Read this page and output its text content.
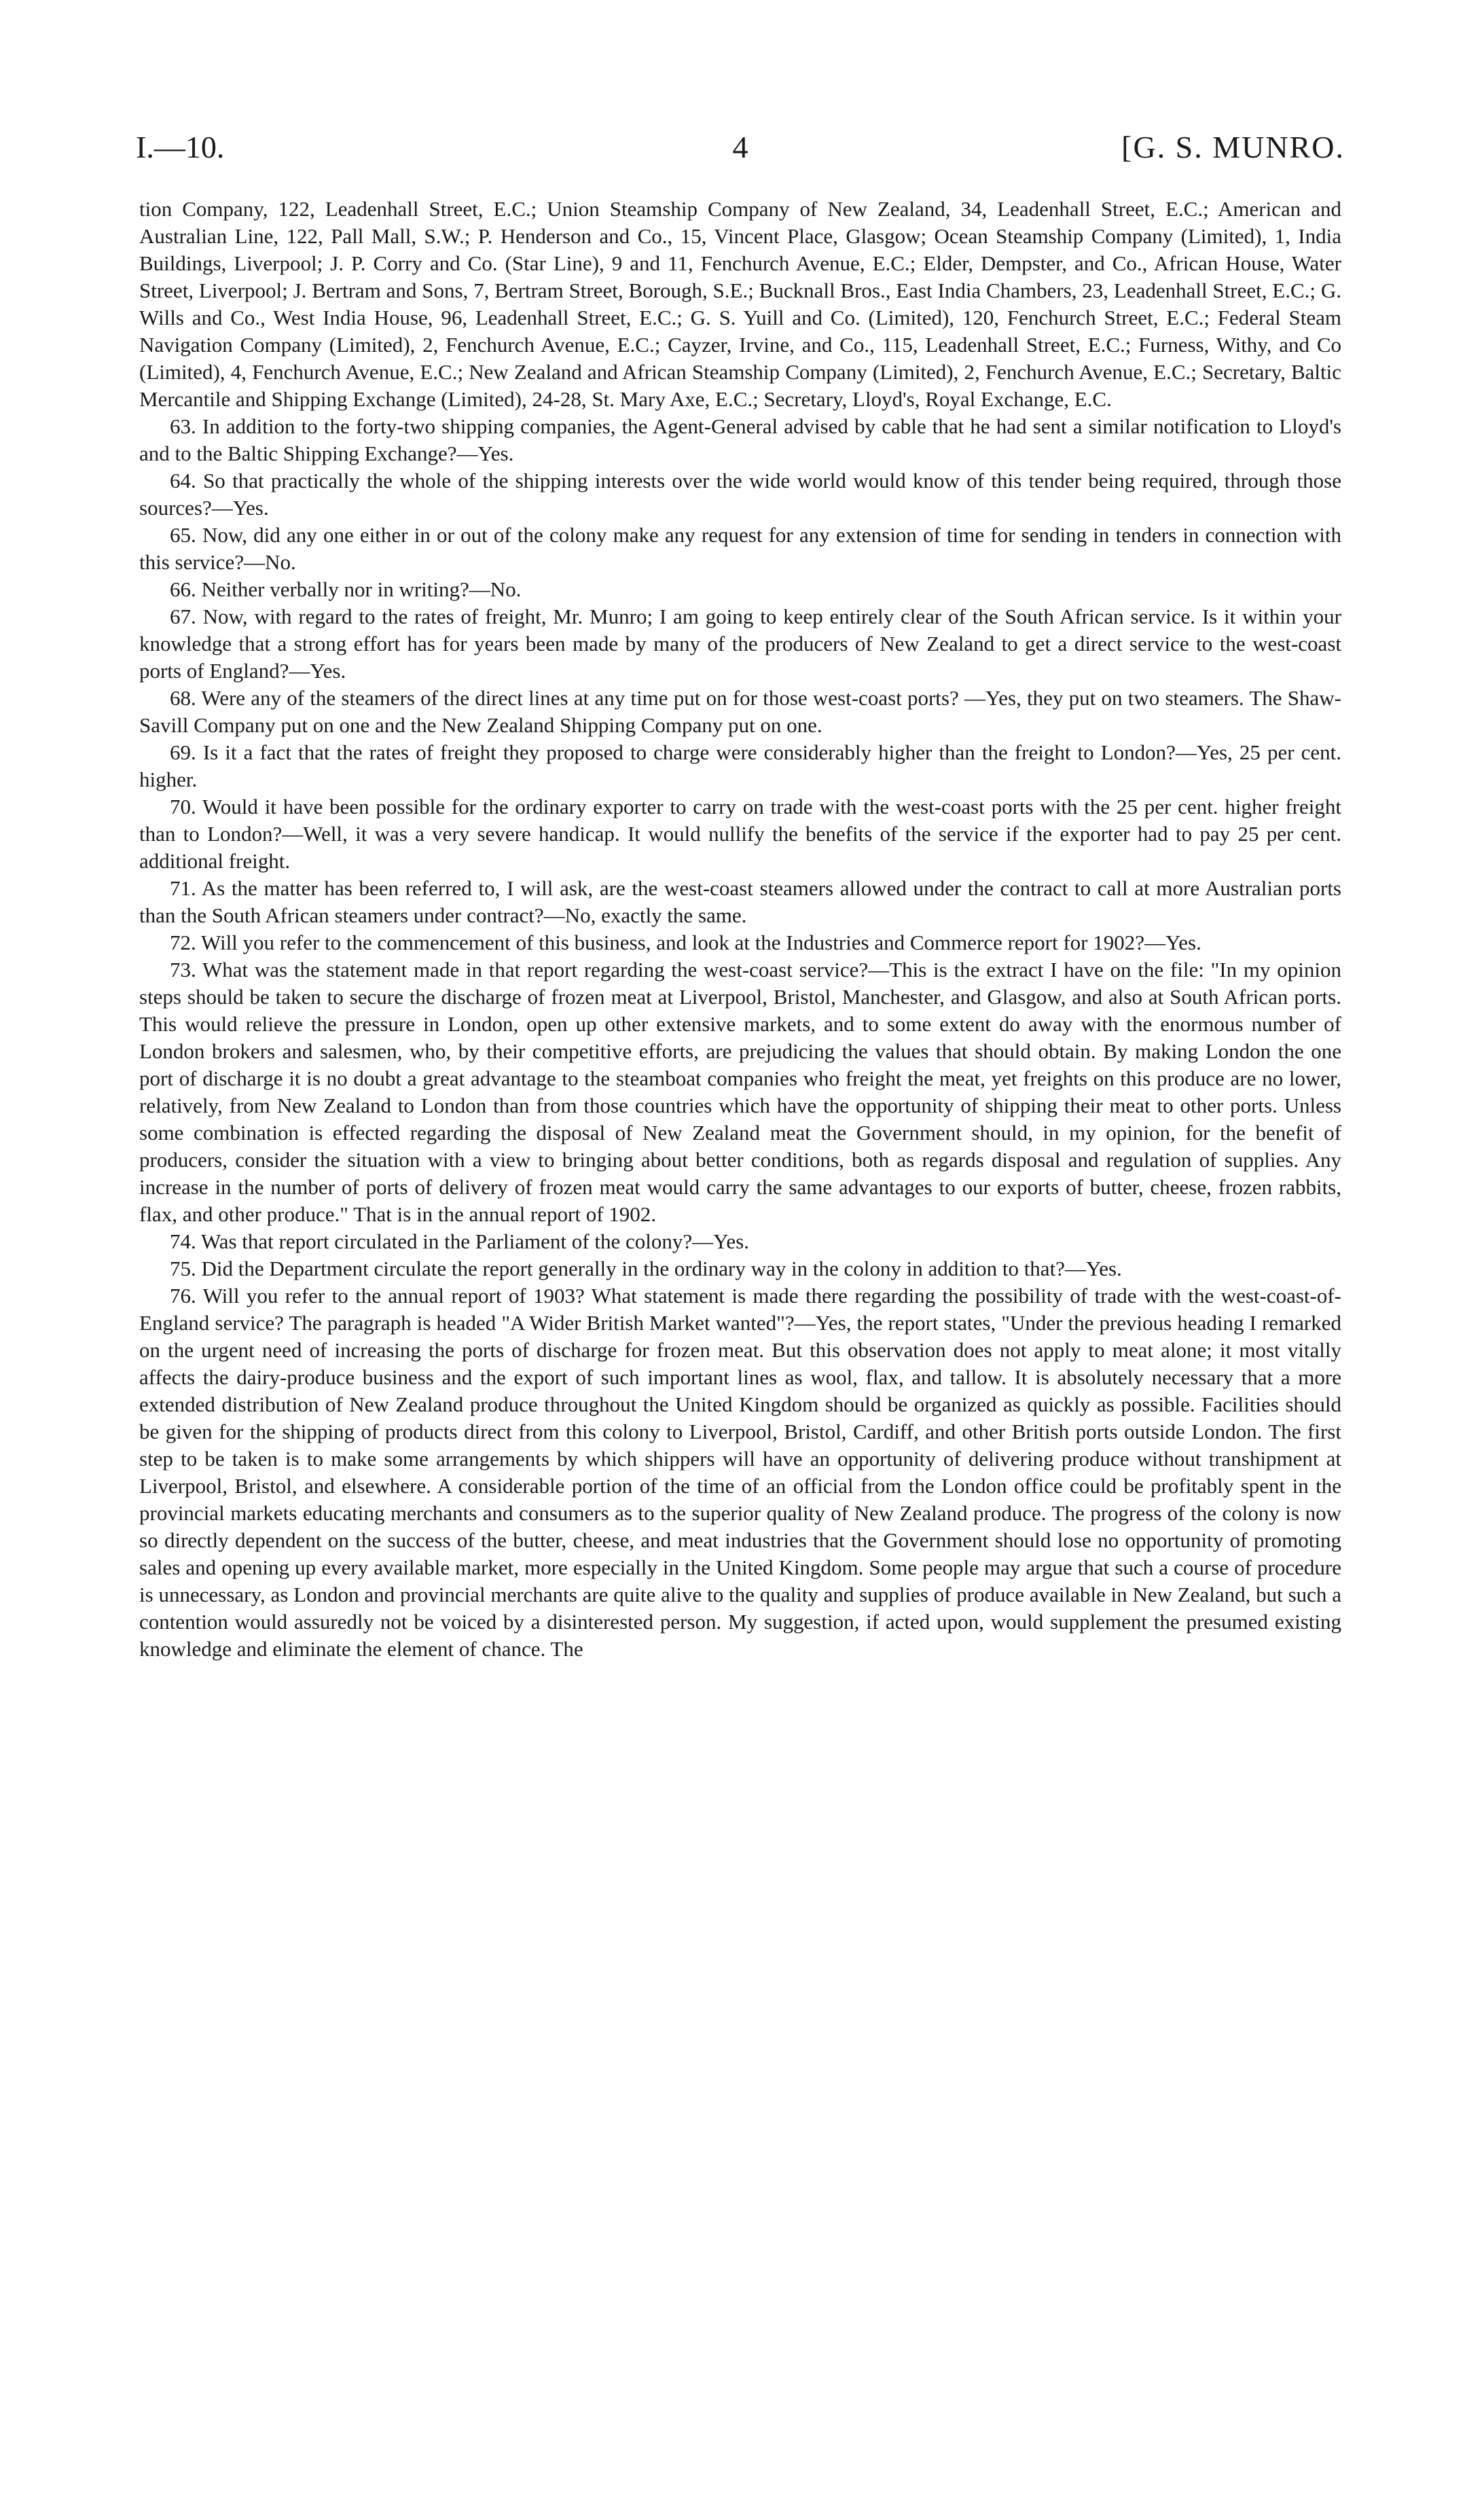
I.—10.	4	[G. S. MUNRO.

tion Company, 122, Leadenhall Street, E.C.; Union Steamship Company of New Zealand, 34, Leadenhall Street, E.C.; American and Australian Line, 122, Pall Mall, S.W.; P. Henderson and Co., 15, Vincent Place, Glasgow; Ocean Steamship Company (Limited), 1, India Buildings, Liverpool; J. P. Corry and Co. (Star Line), 9 and 11, Fenchurch Avenue, E.C.; Elder, Dempster, and Co., African House, Water Street, Liverpool; J. Bertram and Sons, 7, Bertram Street, Borough, S.E.; Bucknall Bros., East India Chambers, 23, Leadenhall Street, E.C.; G. Wills and Co., West India House, 96, Leadenhall Street, E.C.; G. S. Yuill and Co. (Limited), 120, Fenchurch Street, E.C.; Federal Steam Navigation Company (Limited), 2, Fenchurch Avenue, E.C.; Cayzer, Irvine, and Co., 115, Leadenhall Street, E.C.; Furness, Withy, and Co (Limited), 4, Fenchurch Avenue, E.C.; New Zealand and African Steamship Company (Limited), 2, Fenchurch Avenue, E.C.; Secretary, Baltic Mercantile and Shipping Exchange (Limited), 24-28, St. Mary Axe, E.C.; Secretary, Lloyd's, Royal Exchange, E.C.

63. In addition to the forty-two shipping companies, the Agent-General advised by cable that he had sent a similar notification to Lloyd's and to the Baltic Shipping Exchange?—Yes.

64. So that practically the whole of the shipping interests over the wide world would know of this tender being required, through those sources?—Yes.

65. Now, did any one either in or out of the colony make any request for any extension of time for sending in tenders in connection with this service?—No.

66. Neither verbally nor in writing?—No.

67. Now, with regard to the rates of freight, Mr. Munro; I am going to keep entirely clear of the South African service. Is it within your knowledge that a strong effort has for years been made by many of the producers of New Zealand to get a direct service to the west-coast ports of England?—Yes.

68. Were any of the steamers of the direct lines at any time put on for those west-coast ports? —Yes, they put on two steamers. The Shaw-Savill Company put on one and the New Zealand Shipping Company put on one.

69. Is it a fact that the rates of freight they proposed to charge were considerably higher than the freight to London?—Yes, 25 per cent. higher.

70. Would it have been possible for the ordinary exporter to carry on trade with the west-coast ports with the 25 per cent. higher freight than to London?—Well, it was a very severe handicap. It would nullify the benefits of the service if the exporter had to pay 25 per cent. additional freight.

71. As the matter has been referred to, I will ask, are the west-coast steamers allowed under the contract to call at more Australian ports than the South African steamers under contract?—No, exactly the same.

72. Will you refer to the commencement of this business, and look at the Industries and Commerce report for 1902?—Yes.

73. What was the statement made in that report regarding the west-coast service?—This is the extract I have on the file: "In my opinion steps should be taken to secure the discharge of frozen meat at Liverpool, Bristol, Manchester, and Glasgow, and also at South African ports. This would relieve the pressure in London, open up other extensive markets, and to some extent do away with the enormous number of London brokers and salesmen, who, by their competitive efforts, are prejudicing the values that should obtain. By making London the one port of discharge it is no doubt a great advantage to the steamboat companies who freight the meat, yet freights on this produce are no lower, relatively, from New Zealand to London than from those countries which have the opportunity of shipping their meat to other ports. Unless some combination is effected regarding the disposal of New Zealand meat the Government should, in my opinion, for the benefit of producers, consider the situation with a view to bringing about better conditions, both as regards disposal and regulation of supplies. Any increase in the number of ports of delivery of frozen meat would carry the same advantages to our exports of butter, cheese, frozen rabbits, flax, and other produce." That is in the annual report of 1902.

74. Was that report circulated in the Parliament of the colony?—Yes.

75. Did the Department circulate the report generally in the ordinary way in the colony in addition to that?—Yes.

76. Will you refer to the annual report of 1903? What statement is made there regarding the possibility of trade with the west-coast-of-England service? The paragraph is headed "A Wider British Market wanted"?—Yes, the report states, "Under the previous heading I remarked on the urgent need of increasing the ports of discharge for frozen meat. But this observation does not apply to meat alone; it most vitally affects the dairy-produce business and the export of such important lines as wool, flax, and tallow. It is absolutely necessary that a more extended distribution of New Zealand produce throughout the United Kingdom should be organized as quickly as possible. Facilities should be given for the shipping of products direct from this colony to Liverpool, Bristol, Cardiff, and other British ports outside London. The first step to be taken is to make some arrangements by which shippers will have an opportunity of delivering produce without transhipment at Liverpool, Bristol, and elsewhere. A considerable portion of the time of an official from the London office could be profitably spent in the provincial markets educating merchants and consumers as to the superior quality of New Zealand produce. The progress of the colony is now so directly dependent on the success of the butter, cheese, and meat industries that the Government should lose no opportunity of promoting sales and opening up every available market, more especially in the United Kingdom. Some people may argue that such a course of procedure is unnecessary, as London and provincial merchants are quite alive to the quality and supplies of produce available in New Zealand, but such a contention would assuredly not be voiced by a disinterested person. My suggestion, if acted upon, would supplement the presumed existing knowledge and eliminate the element of chance. The
